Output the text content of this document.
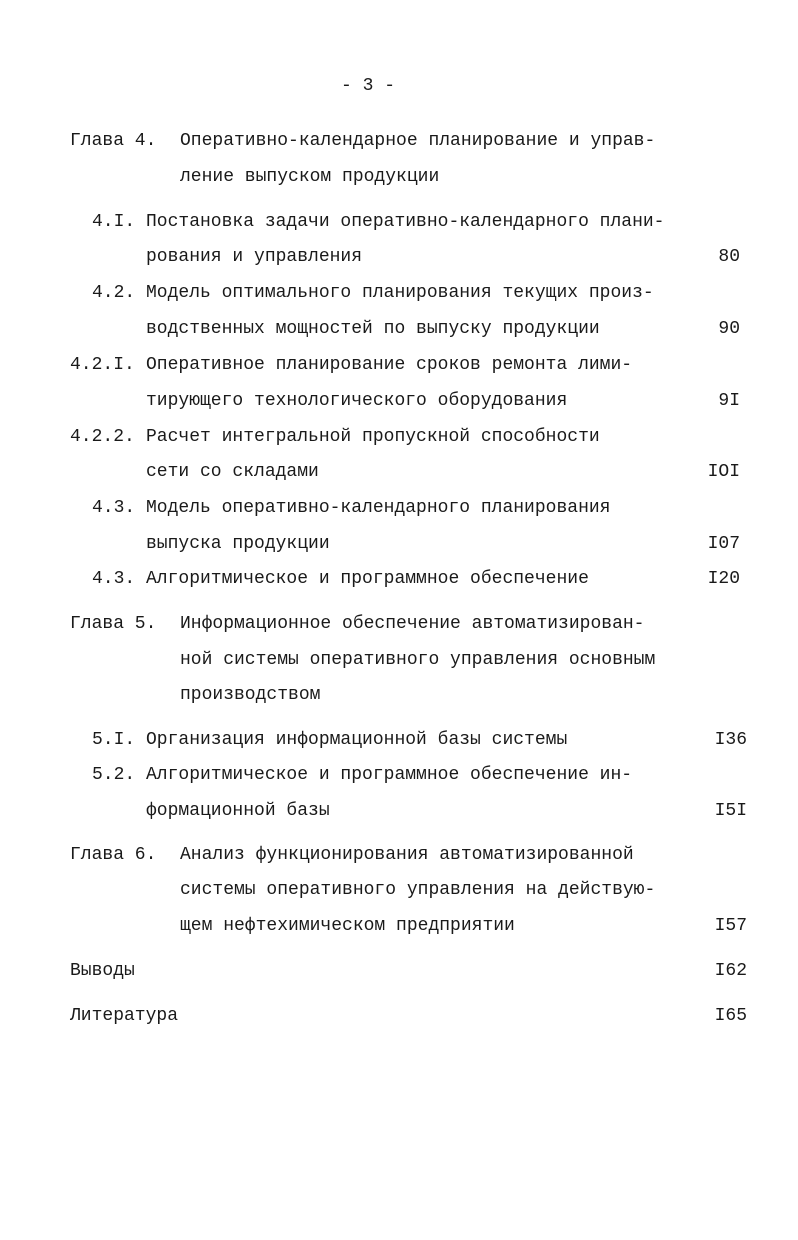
- 3 -
Глава 4. Оперативно-календарное планирование и управ-
ление выпуском продукции
4.I. Постановка задачи оперативно-календарного плани-
рования и управления	80
4.2. Модель оптимального планирования текущих произ-
водственных мощностей по выпуску продукции	90
4.2.I. Оперативное планирование сроков ремонта лими-
тирующего технологического оборудования	9I
4.2.2. Расчет интегральной пропускной способности
сети со складами	IOI
4.3. Модель оперативно-календарного планирования
выпуска продукции	I07
4.3. Алгоритмическое и программное обеспечение	I20
Глава 5. Информационное обеспечение автоматизирован-
ной системы оперативного управления основным
производством
5.I. Организация информационной базы системы	I36
5.2. Алгоритмическое и программное обеспечение ин-
формационной базы	I5I
Глава 6. Анализ функционирования автоматизированной
системы оперативного управления на действую-
щем нефтехимическом предприятии	I57
Выводы	I62
Литература	I65
